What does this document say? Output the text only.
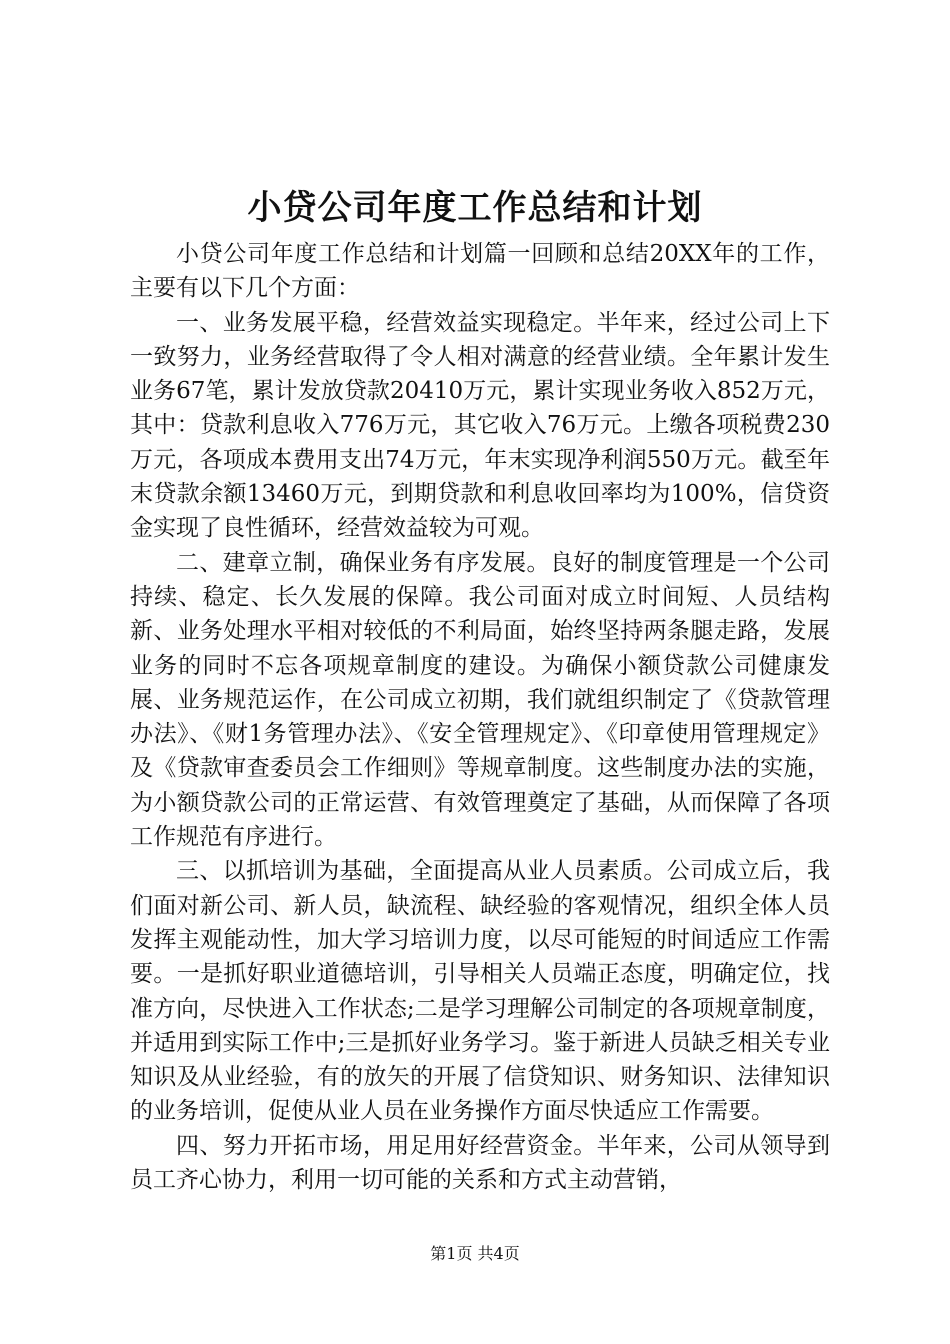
小贷公司年度工作总结和计划

小贷公司年度工作总结和计划篇一回顾和总结20XX年的工作，主要有以下几个方面：

一、业务发展平稳，经营效益实现稳定。半年来，经过公司上下一致努力，业务经营取得了令人相对满意的经营业绩。全年累计发生业务67笔，累计发放贷款20410万元，累计实现业务收入852万元，其中：贷款利息收入776万元，其它收入76万元。上缴各项税费230万元，各项成本费用支出74万元，年末实现净利润550万元。截至年末贷款余额13460万元，到期贷款和利息收回率均为100%，信贷资金实现了良性循环，经营效益较为可观。

二、建章立制，确保业务有序发展。良好的制度管理是一个公司持续、稳定、长久发展的保障。我公司面对成立时间短、人员结构新、业务处理水平相对较低的不利局面，始终坚持两条腿走路，发展业务的同时不忘各项规章制度的建设。为确保小额贷款公司健康发展、业务规范运作，在公司成立初期，我们就组织制定了《贷款管理办法》、《财1务管理办法》、《安全管理规定》、《印章使用管理规定》及《贷款审查委员会工作细则》等规章制度。这些制度办法的实施，为小额贷款公司的正常运营、有效管理奠定了基础，从而保障了各项工作规范有序进行。

三、以抓培训为基础，全面提高从业人员素质。公司成立后，我们面对新公司、新人员，缺流程、缺经验的客观情况，组织全体人员发挥主观能动性，加大学习培训力度，以尽可能短的时间适应工作需要。一是抓好职业道德培训，引导相关人员端正态度，明确定位，找准方向，尽快进入工作状态;二是学习理解公司制定的各项规章制度，并适用到实际工作中;三是抓好业务学习。鉴于新进人员缺乏相关专业知识及从业经验，有的放矢的开展了信贷知识、财务知识、法律知识的业务培训，促使从业人员在业务操作方面尽快适应工作需要。

四、努力开拓市场，用足用好经营资金。半年来，公司从领导到员工齐心协力，利用一切可能的关系和方式主动营销，

第1页 共4页
